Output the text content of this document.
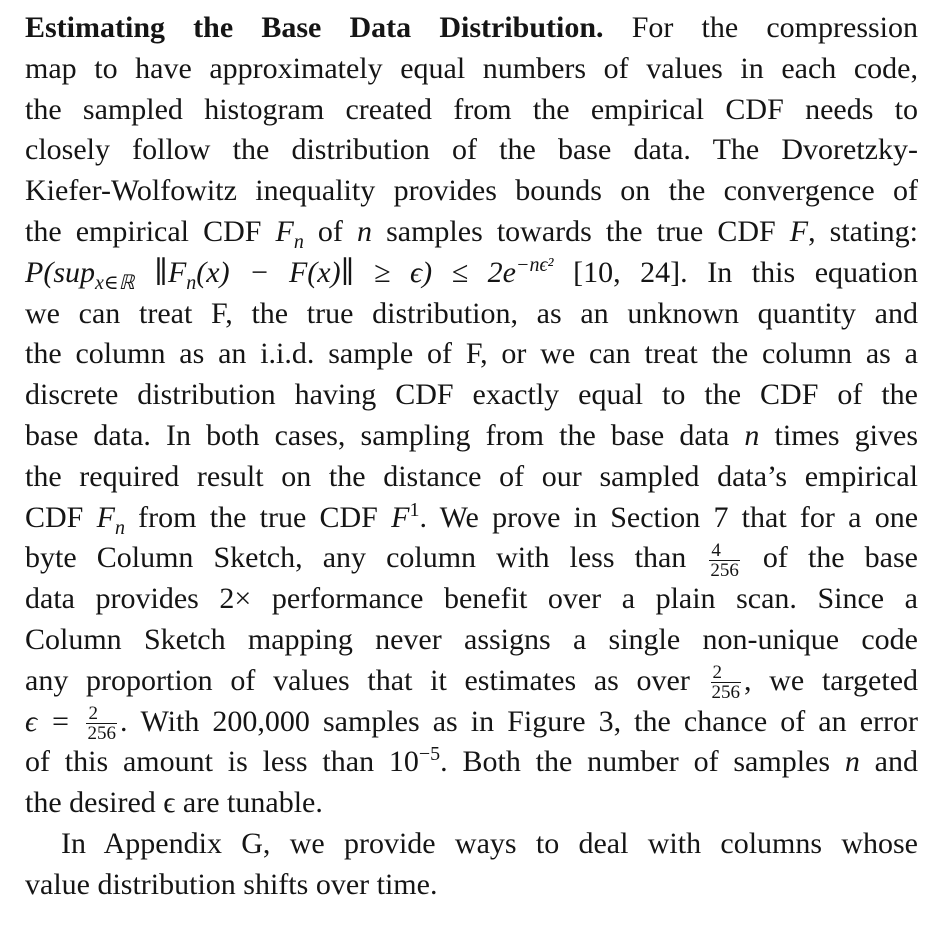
Estimating the Base Data Distribution. For the compression
map to have approximately equal numbers of values in each code,
the sampled histogram created from the empirical CDF needs to
closely follow the distribution of the base data. The Dvoretzky-
Kiefer-Wolfowitz inequality provides bounds on the convergence of
the empirical CDF $F_n$ of n samples towards the true CDF F, stating:
P(sup$_{x\in ℝ}$ $\parallel F_n(x)$ − F(x)∥ ≥ $\epsilon) \le 2e^{-n\epsilon^2}$ [10, 24]. In this equation
we can treat F, the true distribution, as an unknown quantity and
the column as an i.i.d. sample of F, or we can treat the column as a
discrete distribution having CDF exactly equal to the CDF of the
base data. In both cases, sampling from the base data n times gives
the required result on the distance of our sampled data’s empirical
CDF $F_n$ from the true CDF $F^1$. We prove in Section 7 that for a one
byte Column Sketch, any column with less than $\frac{4}{256}$ of the base
data provides 2× performance benefit over a plain scan. Since a
Column Sketch mapping never assigns a single non-unique code
any proportion of values that it estimates as over $\frac{2}{256}$ , we targeted
$\epsilon = \frac{2}{256}$ . With 200,000 samples as in Figure 3, the chance of an error
of this amount is less than $10^{-5}$. Both the number of samples n and
the desired ϵ are tunable.
In Appendix G, we provide ways to deal with columns whose
value distribution shifts over time.
